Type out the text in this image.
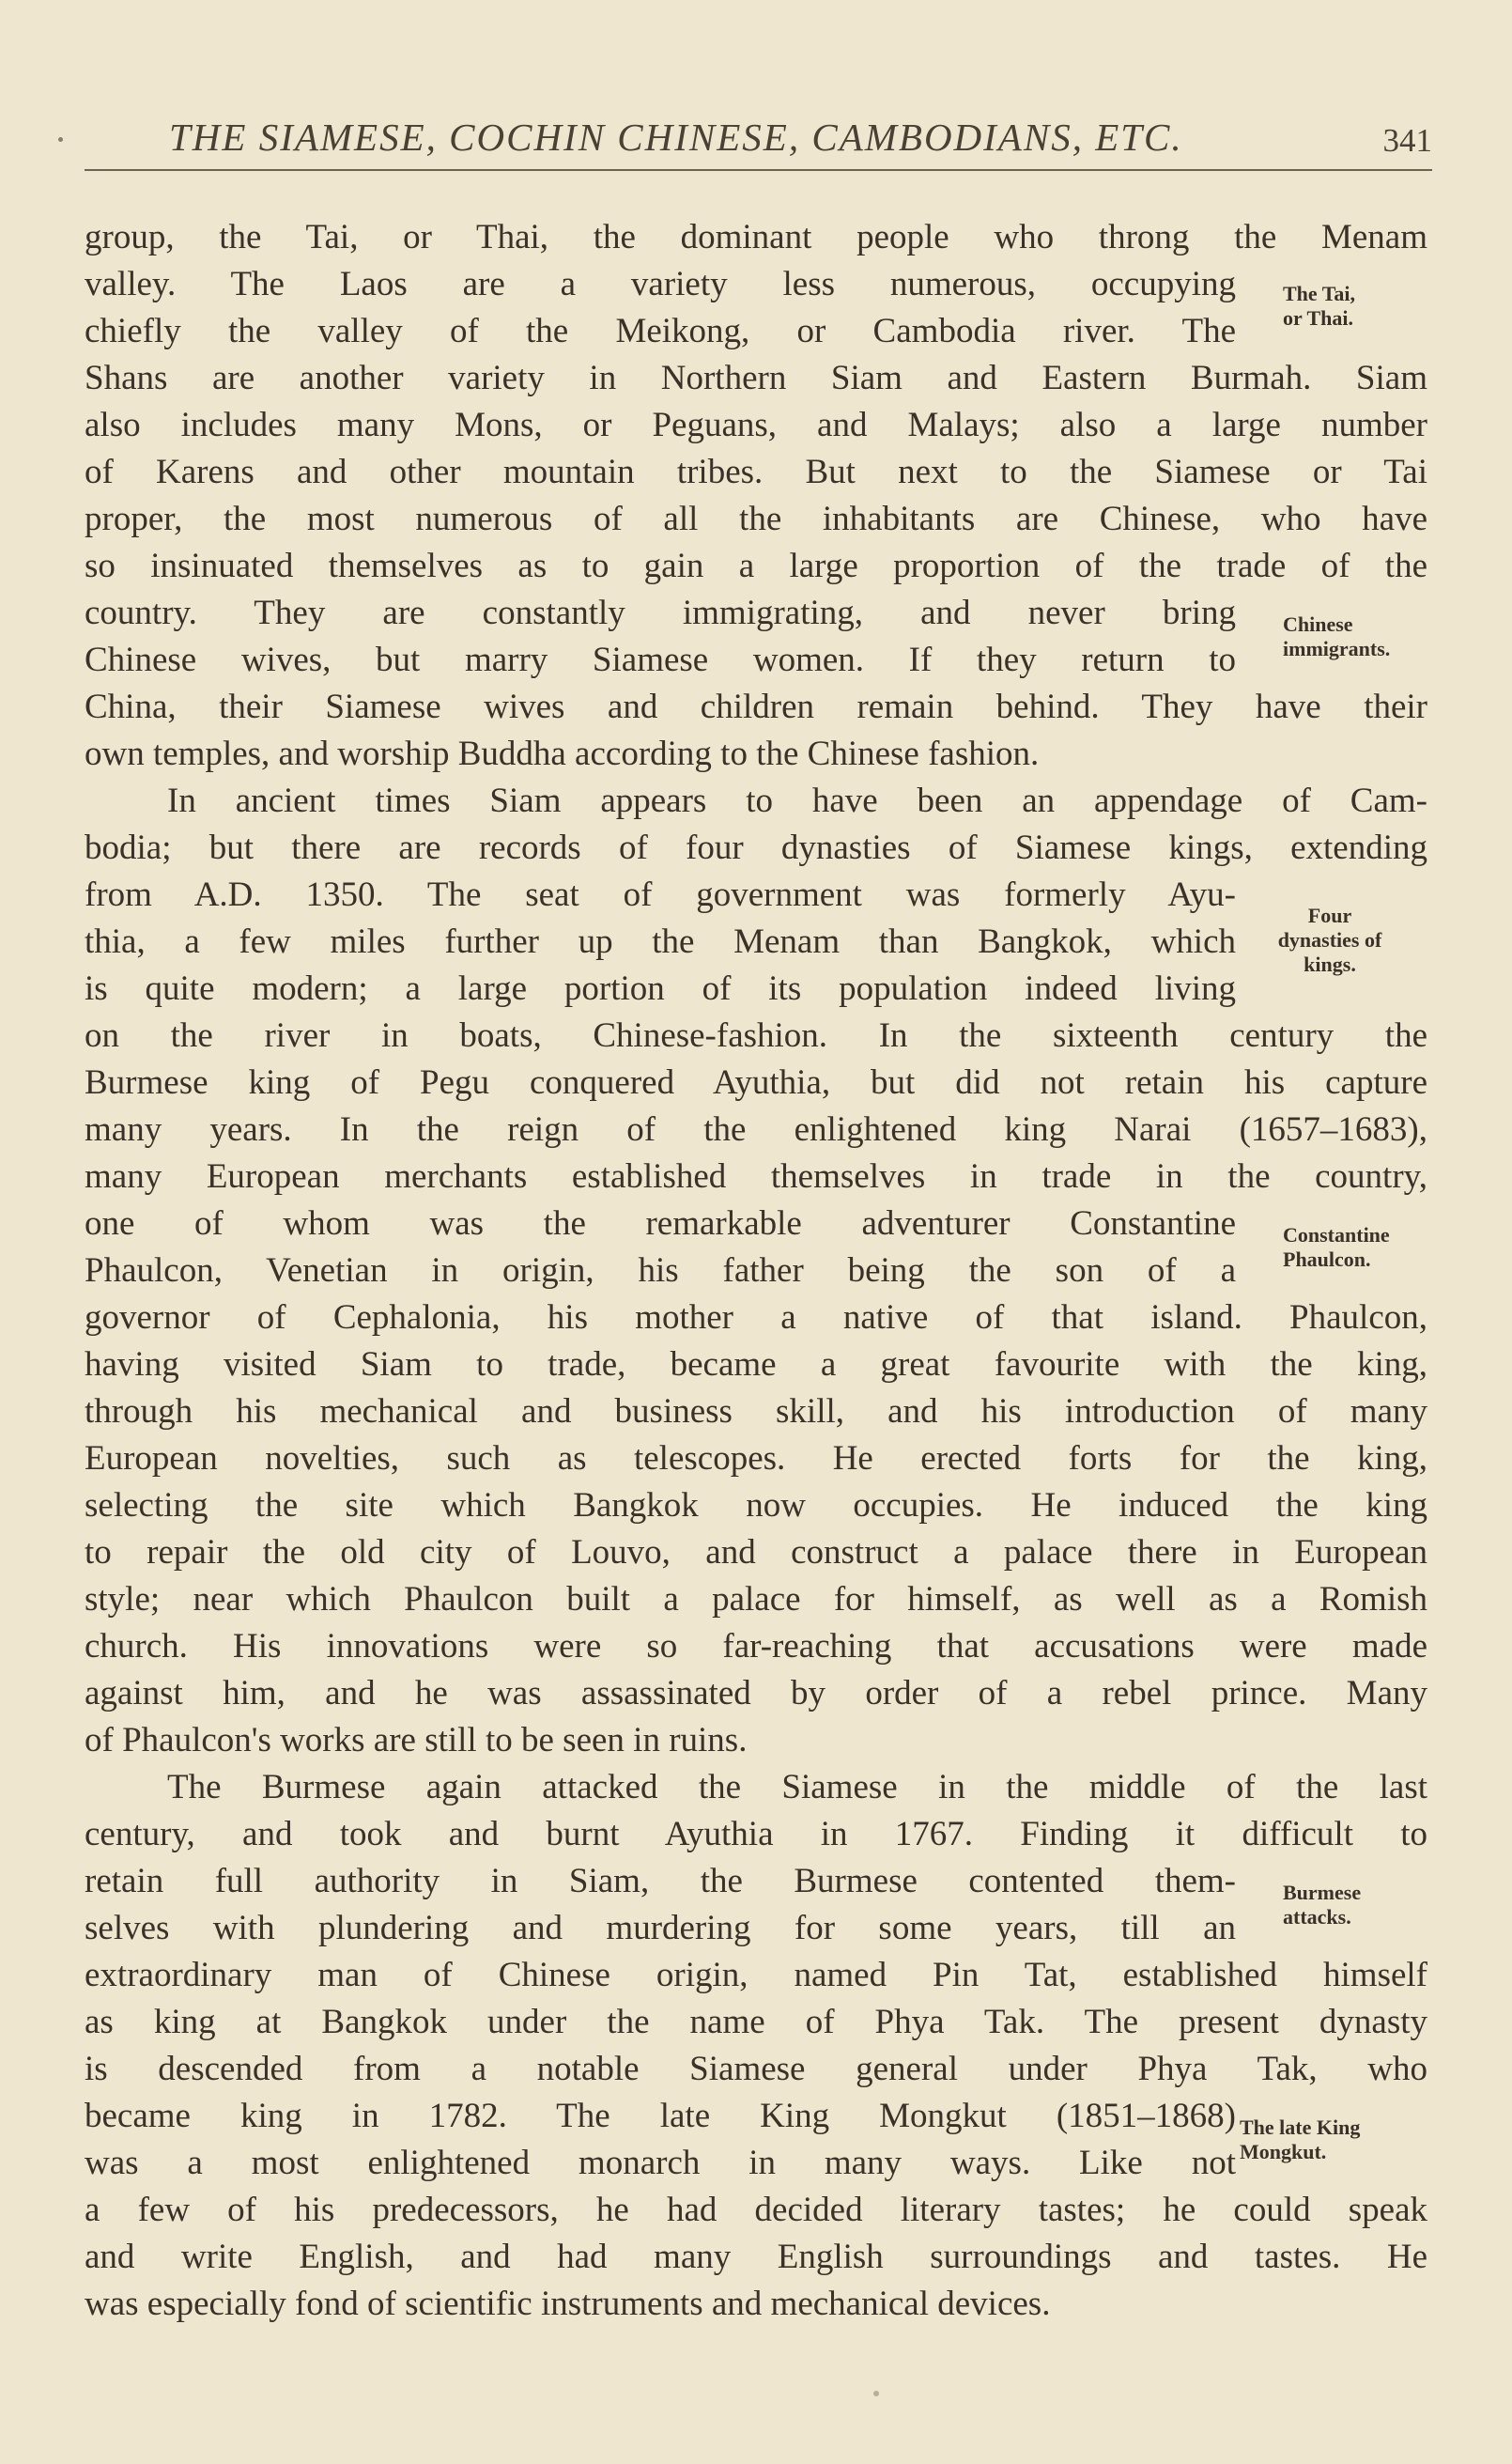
THE SIAMESE, COCHIN CHINESE, CAMBODIANS, ETC.	341
group, the Tai, or Thai, the dominant people who throng the Menam
valley. The Laos are a variety less numerous, occupying
chiefly the valley of the Meikong, or Cambodia river. The
Shans are another variety in Northern Siam and Eastern Burmah. Siam
also includes many Mons, or Peguans, and Malays; also a large number
of Karens and other mountain tribes. But next to the Siamese or Tai
proper, the most numerous of all the inhabitants are Chinese, who have
so insinuated themselves as to gain a large proportion of the trade of the
country. They are constantly immigrating, and never bring
Chinese wives, but marry Siamese women. If they return to
China, their Siamese wives and children remain behind. They have their
own temples, and worship Buddha according to the Chinese fashion.
In ancient times Siam appears to have been an appendage of Cam-
bodia; but there are records of four dynasties of Siamese kings, extending
from A.D. 1350. The seat of government was formerly Ayu-
thia, a few miles further up the Menam than Bangkok, which
is quite modern; a large portion of its population indeed living
on the river in boats, Chinese-fashion. In the sixteenth century the
Burmese king of Pegu conquered Ayuthia, but did not retain his capture
many years. In the reign of the enlightened king Narai (1657–1683),
many European merchants established themselves in trade in the country,
one of whom was the remarkable adventurer Constantine
Phaulcon, Venetian in origin, his father being the son of a
governor of Cephalonia, his mother a native of that island. Phaulcon,
having visited Siam to trade, became a great favourite with the king,
through his mechanical and business skill, and his introduction of many
European novelties, such as telescopes. He erected forts for the king,
selecting the site which Bangkok now occupies. He induced the king
to repair the old city of Louvo, and construct a palace there in European
style; near which Phaulcon built a palace for himself, as well as a Romish
church. His innovations were so far-reaching that accusations were made
against him, and he was assassinated by order of a rebel prince. Many
of Phaulcon's works are still to be seen in ruins.
The Burmese again attacked the Siamese in the middle of the last
century, and took and burnt Ayuthia in 1767. Finding it difficult to
retain full authority in Siam, the Burmese contented them-
selves with plundering and murdering for some years, till an
extraordinary man of Chinese origin, named Pin Tat, established himself
as king at Bangkok under the name of Phya Tak. The present dynasty
is descended from a notable Siamese general under Phya Tak, who
became king in 1782. The late King Mongkut (1851–1868)
was a most enlightened monarch in many ways. Like not
a few of his predecessors, he had decided literary tastes; he could speak
and write English, and had many English surroundings and tastes. He
was especially fond of scientific instruments and mechanical devices.
The Tai,
or Thai.
Chinese
immigrants.
Four
dynasties of
kings.
Constantine
Phaulcon.
Burmese
attacks.
The late King
Mongkut.
